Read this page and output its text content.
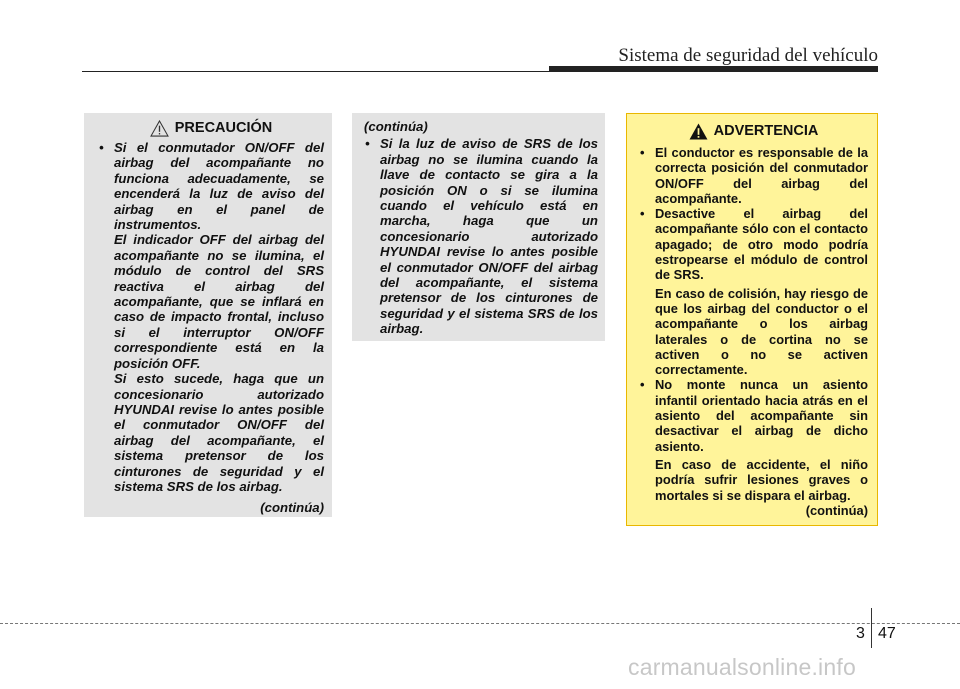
Sistema de seguridad del vehículo
PRECAUCIÓN
• Si el conmutador ON/OFF del airbag del acompañante no funciona adecuadamente, se encenderá la luz de aviso del airbag en el panel de instrumentos.
El indicador OFF del airbag del acompañante no se ilumina, el módulo de control del SRS reactiva el airbag del acompañante, que se inflará en caso de impacto frontal, incluso si el interruptor ON/OFF correspondiente está en la posición OFF.
Si esto sucede, haga que un concesionario autorizado HYUNDAI revise lo antes posible el conmutador ON/OFF del airbag del acompañante, el sistema pretensor de los cinturones de seguridad y el sistema SRS de los airbag.
(continúa)
(continúa)
• Si la luz de aviso de SRS de los airbag no se ilumina cuando la llave de contacto se gira a la posición ON o si se ilumina cuando el vehículo está en marcha, haga que un concesionario autorizado HYUNDAI revise lo antes posible el conmutador ON/OFF del airbag del acompañante, el sistema pretensor de los cinturones de seguridad y el sistema SRS de los airbag.
ADVERTENCIA
• El conductor es responsable de la correcta posición del conmutador ON/OFF del airbag del acompañante.
• Desactive el airbag del acompañante sólo con el contacto apagado; de otro modo podría estropearse el módulo de control de SRS.
En caso de colisión, hay riesgo de que los airbag del conductor o el acompañante o los airbag laterales o de cortina no se activen o no se activen correctamente.
• No monte nunca un asiento infantil orientado hacia atrás en el asiento del acompañante sin desactivar el airbag de dicho asiento.
En caso de accidente, el niño podría sufrir lesiones graves o mortales si se dispara el airbag.
(continúa)
3 47
carmanualsonline.info
